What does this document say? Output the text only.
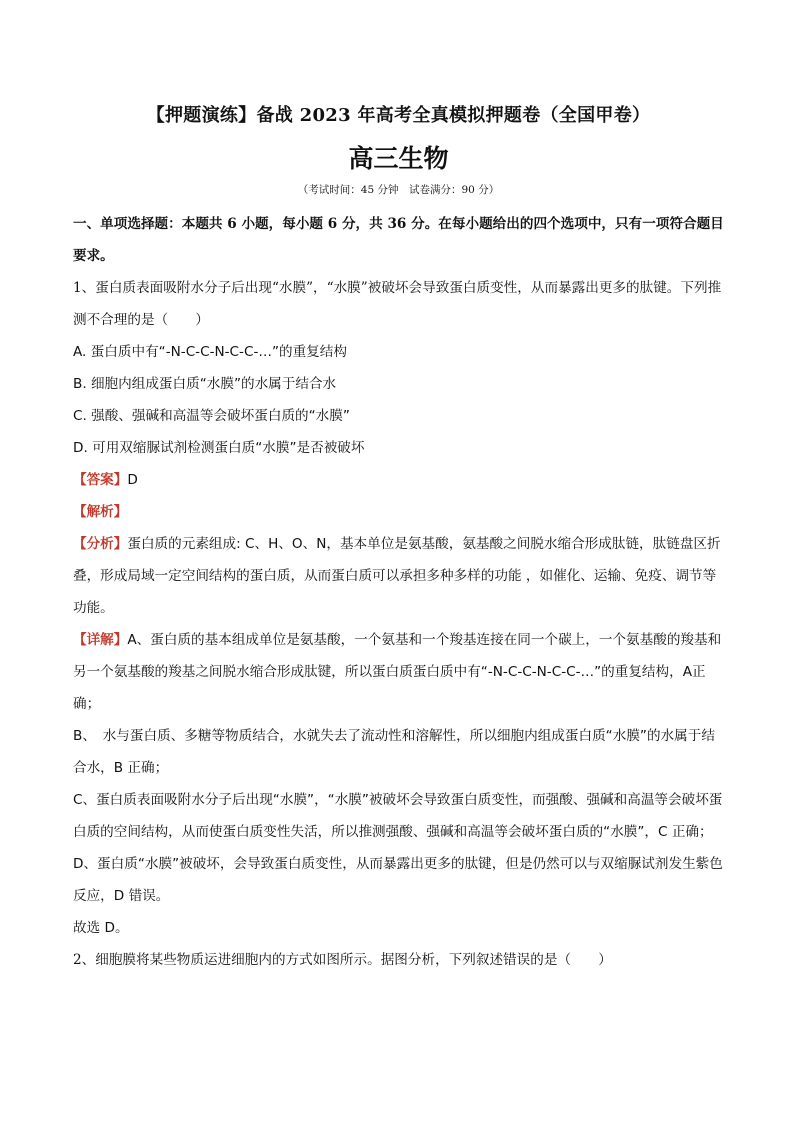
【押题演练】备战 2023 年高考全真模拟押题卷（全国甲卷）
高三生物
（考试时间：45 分钟　试卷满分：90 分）

一、单项选择题：本题共 6 小题，每小题 6 分，共 36 分。在每小题给出的四个选项中，只有一项符合题目要求。

1、蛋白质表面吸附水分子后出现“水膜”，“水膜”被破坏会导致蛋白质变性，从而暴露出更多的肽键。下列推测不合理的是（　　）

A. 蛋白质中有“-N-C-C-N-C-C-…”的重复结构

B. 细胞内组成蛋白质“水膜”的水属于结合水

C. 强酸、强碱和高温等会破坏蛋白质的“水膜”

D. 可用双缩脲试剂检测蛋白质“水膜”是否被破坏

【答案】D

【解析】

【分析】蛋白质的元素组成: C、H、O、N，基本单位是氨基酸，氨基酸之间脱水缩合形成肽链，肽链盘区折叠，形成局域一定空间结构的蛋白质，从而蛋白质可以承担多种多样的功能 ，如催化、运输、免疫、调节等功能。

【详解】A、蛋白质的基本组成单位是氨基酸，一个氨基和一个羧基连接在同一个碳上，一个氨基酸的羧基和另一个氨基酸的羧基之间脱水缩合形成肽键，所以蛋白质蛋白质中有“-N-C-C-N-C-C-…”的重复结构，A正确；

B、　水与蛋白质、多糖等物质结合，水就失去了流动性和溶解性，所以细胞内组成蛋白质“水膜”的水属于结合水，B 正确；

C、蛋白质表面吸附水分子后出现“水膜”，“水膜”被破坏会导致蛋白质变性，而强酸、强碱和高温等会破坏蛋白质的空间结构，从而使蛋白质变性失活，所以推测强酸、强碱和高温等会破坏蛋白质的“水膜”，C 正确；

D、蛋白质“水膜”被破坏，会导致蛋白质变性，从而暴露出更多的肽键，但是仍然可以与双缩脲试剂发生紫色反应，D 错误。

故选 D。

2、细胞膜将某些物质运进细胞内的方式如图所示。据图分析，下列叙述错误的是（　　）
